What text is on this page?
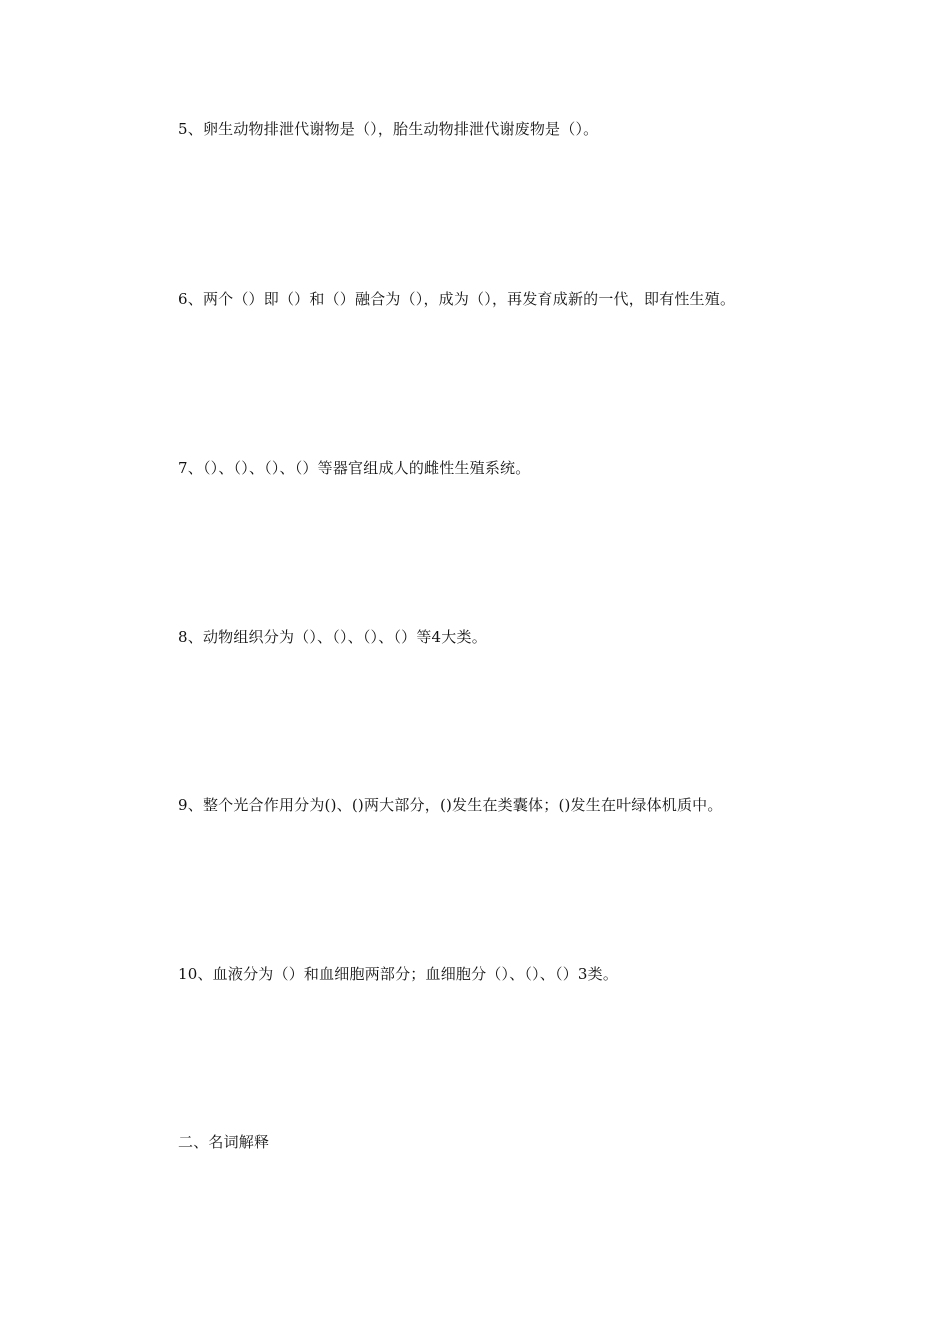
5、卵生动物排泄代谢物是（），胎生动物排泄代谢废物是（）。

6、两个（）即（）和（）融合为（），成为（），再发育成新的一代，即有性生殖。

7、（）、（）、（）、（）等器官组成人的雌性生殖系统。

8、动物组织分为（）、（）、（）、（）等4大类。

9、整个光合作用分为()、()两大部分，()发生在类囊体；()发生在叶绿体机质中。

10、血液分为（）和血细胞两部分；血细胞分（）、（）、（）3类。

二、名词解释
